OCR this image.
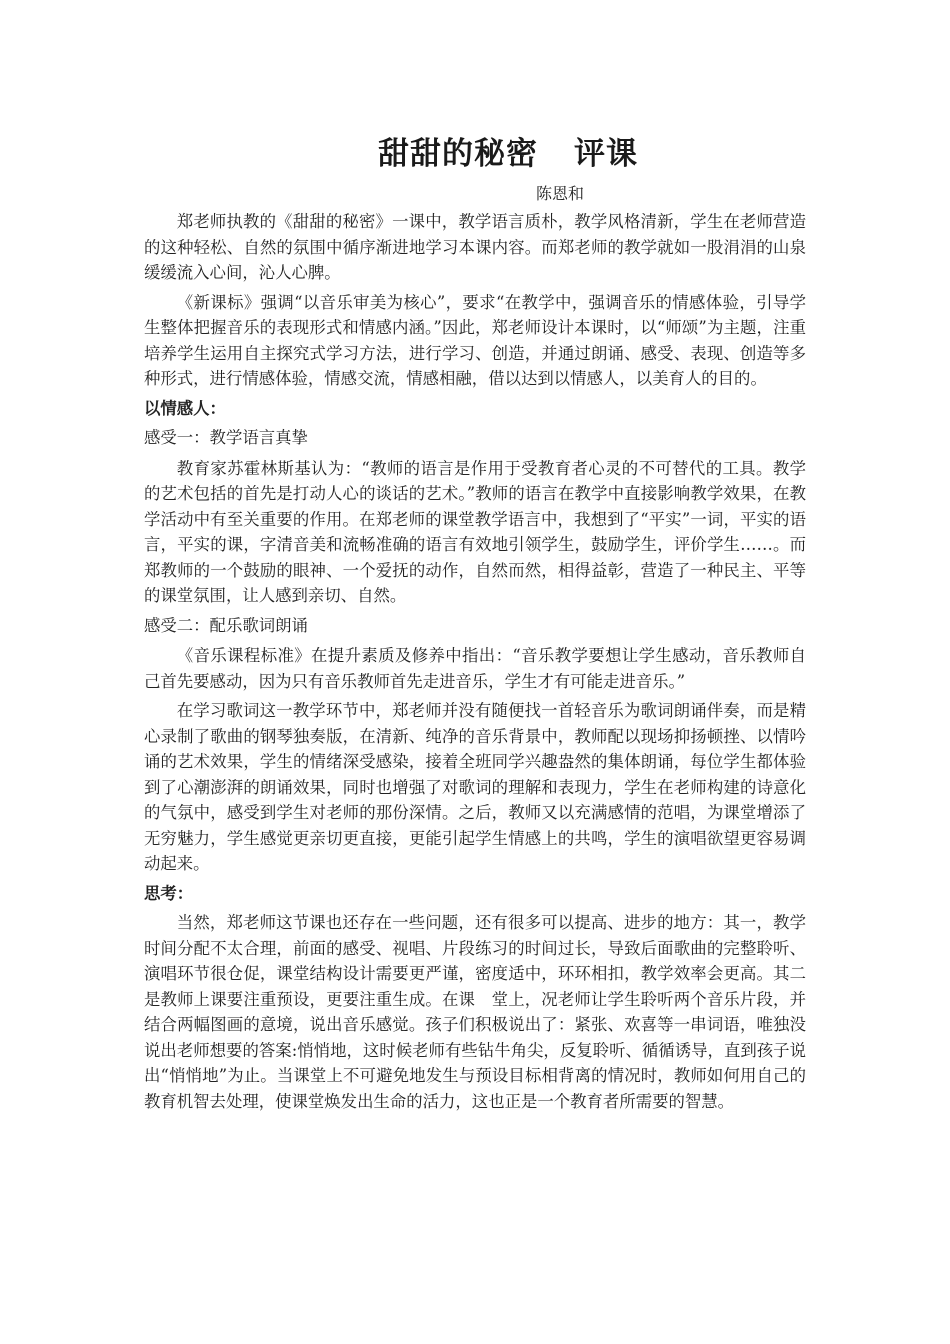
甜甜的秘密 评课
陈恩和

郑老师执教的《甜甜的秘密》一课中，教学语言质朴，教学风格清新，学生在老师营造的这种轻松、自然的氛围中循序渐进地学习本课内容。而郑老师的教学就如一股涓涓的山泉缓缓流入心间，沁人心脾。

《新课标》强调“以音乐审美为核心”，要求“在教学中，强调音乐的情感体验，引导学生整体把握音乐的表现形式和情感内涵。”因此，郑老师设计本课时，以“师颂”为主题，注重培养学生运用自主探究式学习方法，进行学习、创造，并通过朗诵、感受、表现、创造等多种形式，进行情感体验，情感交流，情感相融，借以达到以情感人，以美育人的目的。

以情感人：
感受一：教学语言真挚

教育家苏霍林斯基认为：“教师的语言是作用于受教育者心灵的不可替代的工具。教学的艺术包括的首先是打动人心的谈话的艺术。”教师的语言在教学中直接影响教学效果，在教学活动中有至关重要的作用。在郑老师的课堂教学语言中，我想到了“平实”一词，平实的语言，平实的课，字清音美和流畅准确的语言有效地引领学生，鼓励学生，评价学生……。而郑教师的一个鼓励的眼神、一个爱抚的动作，自然而然，相得益彰，营造了一种民主、平等的课堂氛围，让人感到亲切、自然。

感受二：配乐歌词朗诵

《音乐课程标准》在提升素质及修养中指出：“音乐教学要想让学生感动，音乐教师自己首先要感动，因为只有音乐教师首先走进音乐，学生才有可能走进音乐。”

在学习歌词这一教学环节中，郑老师并没有随便找一首轻音乐为歌词朗诵伴奏，而是精心录制了歌曲的钢琴独奏版，在清新、纯净的音乐背景中，教师配以现场抑扬顿挫、以情吟诵的艺术效果，学生的情绪深受感染，接着全班同学兴趣盎然的集体朗诵，每位学生都体验到了心潮澎湃的朗诵效果，同时也增强了对歌词的理解和表现力，学生在老师构建的诗意化的气氛中，感受到学生对老师的那份深情。之后，教师又以充满感情的范唱，为课堂增添了无穷魅力，学生感觉更亲切更直接，更能引起学生情感上的共鸣，学生的演唱欲望更容易调动起来。

思考：

当然，郑老师这节课也还存在一些问题，还有很多可以提高、进步的地方：其一，教学时间分配不太合理，前面的感受、视唱、片段练习的时间过长，导致后面歌曲的完整聆听、演唱环节很仓促，课堂结构设计需要更严谨，密度适中，环环相扣，教学效率会更高。其二是教师上课要注重预设，更要注重生成。在课　堂上，况老师让学生聆听两个音乐片段，并结合两幅图画的意境，说出音乐感觉。孩子们积极说出了：紧张、欢喜等一串词语，唯独没说出老师想要的答案:悄悄地，这时候老师有些钻牛角尖，反复聆听、循循诱导，直到孩子说出“悄悄地”为止。当课堂上不可避免地发生与预设目标相背离的情况时，教师如何用自己的教育机智去处理，使课堂焕发出生命的活力，这也正是一个教育者所需要的智慧。
